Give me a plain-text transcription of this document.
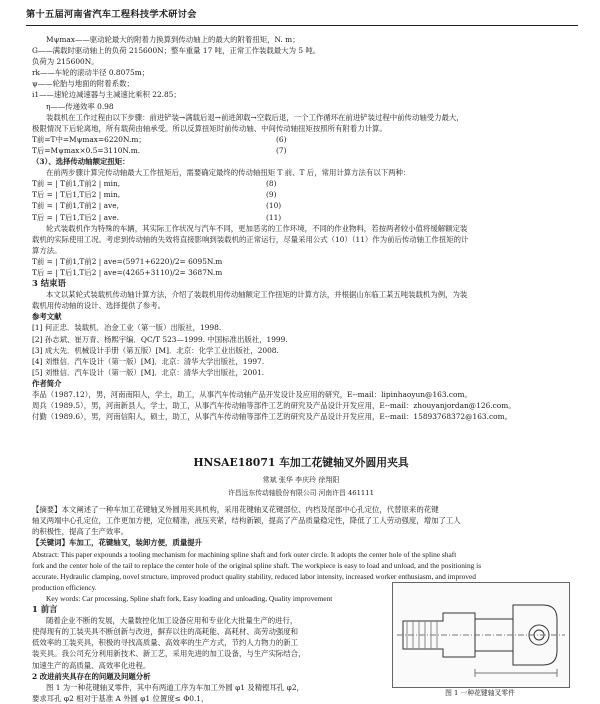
第十五届河南省汽车工程科技学术研讨会
Mψmax——驱动轮最大的附着力换算到传动轴上的最大的附着扭矩，N. m；
G——满载时驱动轴上的负荷 215600N；整车重量 17 吨，正常工作装载最大为 5 吨。
负荷为 215600N。
rk——车轮的滚动半径 0.8075m；
ψ——轮胎与地面的附着系数；
i1——速轮边减速器与主减速比乘积 22.85；
η——传递效率 0.98
装载机在工作过程由以下步骤：前进铲装→满载后退→前进卸载→空载后退，一个工作循环在前进铲装过程中前传动轴受力最大，
极限情况下后轮离地，所有载荷由轴承受。所以反算扭矩时前传动轴、中间传动轴扭矩按照所有附着力计算。
T前=T中=Mψmax=6220N.m；	(6)
T后=Mψmax×0.5=3110N.m.	(7)
（3）、选择传动轴额定扭矩：
在前两步骤计算完传动轴最大工作扭矩后，需要确定最终的传动轴扭矩 T 前、T 后，常用计算方法有以下两种：
T前 = | T前1,T前2 | min,	(8)
T后 = | T后1,T后2 | min,	(9)
T前 = | T前1,T前2 | ave,	(10)
T后 = | T后1,T后2 | ave.	(11)
轮式装载机作为特殊的车辆，其实际工作状况与汽车不同，更加恶劣的工作环境，不同的作业物料，若按两者较小值将缓解额定装
载机的实际使用工况。考虑到传动轴的失效将直接影响到装载机的正常运行，尽量采用公式（10）（11）作为前后传动轴工作扭矩的计
算方法。
T前 = | T前1,T前2 | ave=(5971+6220)/2= 6095N.m
T后 = | T后1,T后2 | ave=(4265+3110)/2= 3687N.m
3 结束语
本文以某轮式装载机传动轴计算方法，介绍了装载机用传动轴额定工作扭矩的计算方法，并根据山东临工某五吨装载机为例，为装
载机用传动轴的设计、选择提供了参考。
参考文献
[1] 何正忠．装载机．冶金工业（第一版）出版社，1998.
[2] 孙志斌、崔万青、杨熙宇编．QC/T 523—1999. 中国标准出版社，1999.
[3] 成大先．机械设计手册（第五版）[M]．北京：化学工业出版社，2008.
[4] 刘惟信．汽车设计（第一版）[M]．北京：清华大学出版社，1997.
[5] 刘惟信．汽车设计（第一版）[M]．北京：清华大学出版社，2001.
作者简介
李品（1987.12），男，河南南阳人，学士，助工，从事汽车传动轴产品开发设计及应用的研究，E--mail：lipinhaoyun@163.com。
周兵（1989.5），男，河南新县人，学士，助工，从事汽车传动轴等部件工艺的研究及产品设计开发应用，E--mail：zhouyanjordan@126.com。
付勤（1989.6），男，河南信阳人，硕士，助工，从事汽车传动轴等部件工艺的研究及产品设计开发应用，E--mail：15893768372@163.com。
HNSAE18071 车加工花键轴叉外圆用夹具
常斌 张华 李庆玲 徐翔阳
许昌远东传动轴股份有限公司 河南许昌 461111
【摘要】本文阐述了一种车加工花键轴叉外圆用夹具机构，采用花键轴叉花键部位、内档及尾部中心孔定位，代替原来的花键
轴叉两端中心孔定位，工作更加方便，定位精准，液压夹紧，结构新颖，提高了产品质量稳定性，降低了工人劳动强度，增加了工人
的积极性，提高了生产效率。
【关键词】车加工，花键轴叉，装卸方便，质量提升
Abstract: This paper expounds a tooling mechanism for machining spline shaft and fork outer circle. It adopts the center hole of the spline shaft
fork and the center hole of the tail to replace the center hole of the original spline shaft. The workpiece is easy to load and unload, and the positioning is
accurate. Hydraulic clamping, novel structure, improved product quality stability, reduced labor intensity, increased worker enthusiasm, and improved
production efficiency.
Key words: Car processing, Spline shaft fork, Easy loading and unloading, Quality improvement
1 前言
随着企业不断的发展，大量数控化加工设备应用和专业化大批量生产的进行，
使得现有的工装夹具不断创新与改进，摒弃以往的高耗能、高耗材、高劳动强度和
低效率的工装夹具，积极的寻找高质量、高效率的生产方式，节约人力物力的新工
装夹具。我公司充分利用新技术、新工艺，采用先进的加工设备，与生产实际结合，
加速生产的高质量、高效率化进程。
2 改进前夹具存在的问题及问题分析
图 1 为一种花键轴叉零件，其中有两道工序为车加工外圆 φ1 及精镗耳孔 φ2，
要求耳孔 φ2 相对于基准 A 外圆 φ1 位置度≤ Φ0.1，
图 1 一种花键轴叉零件
